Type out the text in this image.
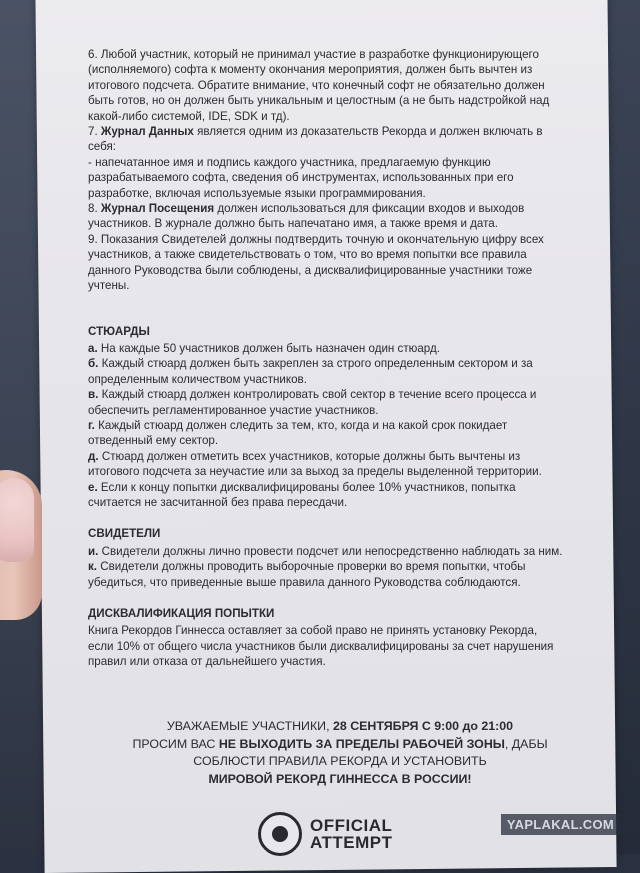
6. Любой участник, который не принимал участие в разработке функционирующего (исполняемого) софта к моменту окончания мероприятия, должен быть вычтен из итогового подсчета. Обратите внимание, что конечный софт не обязательно должен быть готов, но он должен быть уникальным и целостным (а не быть надстройкой над какой-либо системой, IDE, SDK и тд).

7. Журнал Данных является одним из доказательств Рекорда и должен включать в себя:

- напечатанное имя и подпись каждого участника, предлагаемую функцию разрабатываемого софта, сведения об инструментах, использованных при его разработке, включая используемые языки программирования.

8. Журнал Посещения должен использоваться для фиксации входов и выходов участников. В журнале должно быть напечатано имя, а также время и дата.

9. Показания Свидетелей должны подтвердить точную и окончательную цифру всех участников, а также свидетельствовать о том, что во время попытки все правила данного Руководства были соблюдены, а дисквалифицированные участники тоже учтены.

СТЮАРДЫ

а. На каждые 50 участников должен быть назначен один стюард.

б. Каждый стюард должен быть закреплен за строго определенным сектором и за определенным количеством участников.

в. Каждый стюард должен контролировать свой сектор в течение всего процесса и обеспечить регламентированное участие участников.

г. Каждый стюард должен следить за тем, кто, когда и на какой срок покидает отведенный ему сектор.

д. Стюард должен отметить всех участников, которые должны быть вычтены из итогового подсчета за неучастие или за выход за пределы выделенной территории.

е. Если к концу попытки дисквалифицированы более 10% участников, попытка считается не засчитанной без права пересдачи.

СВИДЕТЕЛИ

и. Свидетели должны лично провести подсчет или непосредственно наблюдать за ним.

к. Свидетели должны проводить выборочные проверки во время попытки, чтобы убедиться, что приведенные выше правила данного Руководства соблюдаются.

ДИСКВАЛИФИКАЦИЯ ПОПЫТКИ

Книга Рекордов Гиннесса оставляет за собой право не принять установку Рекорда, если 10% от общего числа участников были дисквалифицированы за счет нарушения правил или отказа от дальнейшего участия.

УВАЖАЕМЫЕ УЧАСТНИКИ, 28 СЕНТЯБРЯ С 9:00 до 21:00
ПРОСИМ ВАС НЕ ВЫХОДИТЬ ЗА ПРЕДЕЛЫ РАБОЧЕЙ ЗОНЫ, ДАБЫ
СОБЛЮСТИ ПРАВИЛА РЕКОРДА И УСТАНОВИТЬ
МИРОВОЙ РЕКОРД ГИННЕССА В РОССИИ!
OFFICIAL
ATTEMPT
YAPLAKAL.COM
